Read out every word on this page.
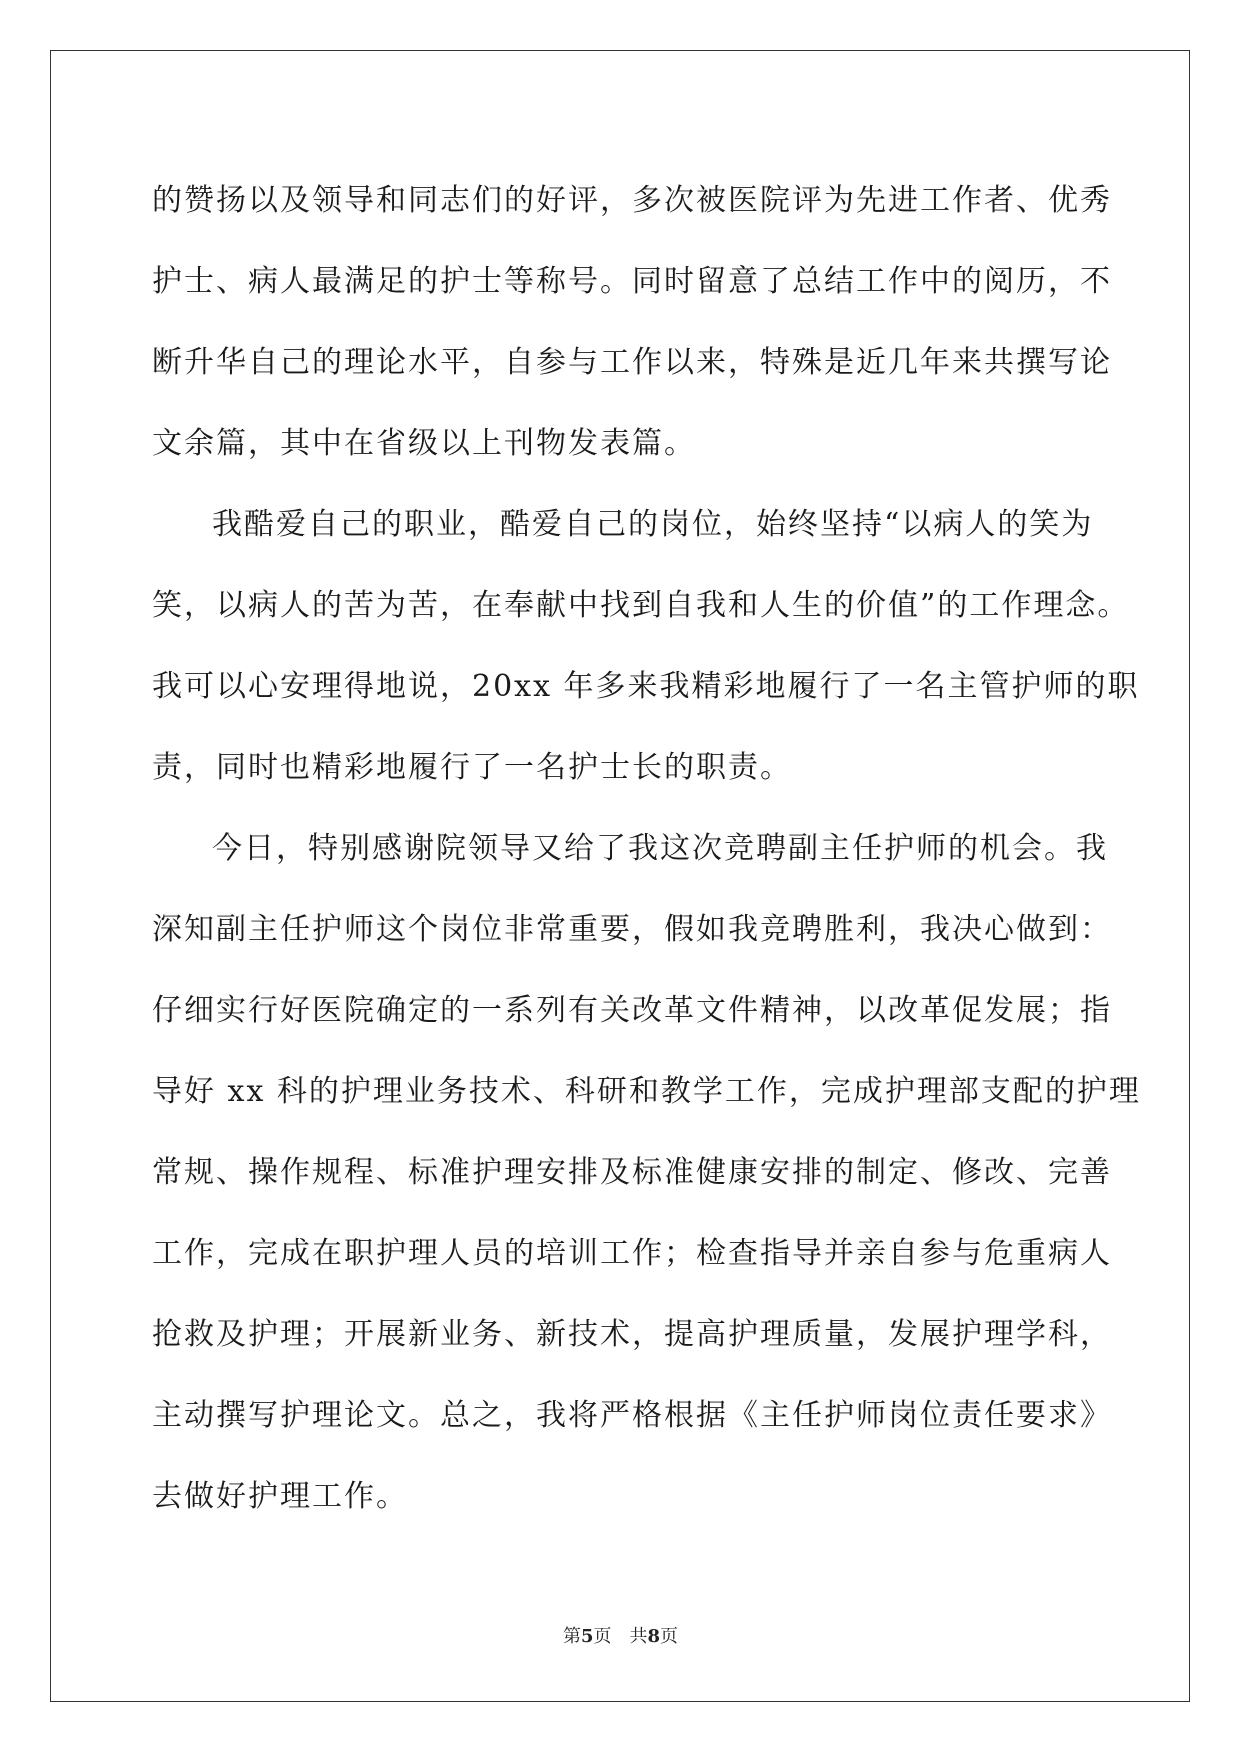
的赞扬以及领导和同志们的好评，多次被医院评为先进工作者、优秀
护士、病人最满足的护士等称号。同时留意了总结工作中的阅历，不
断升华自己的理论水平，自参与工作以来，特殊是近几年来共撰写论
文余篇，其中在省级以上刊物发表篇。
我酷爱自己的职业，酷爱自己的岗位，始终坚持“以病人的笑为
笑，以病人的苦为苦，在奉献中找到自我和人生的价值”的工作理念。
我可以心安理得地说，20xx 年多来我精彩地履行了一名主管护师的职
责，同时也精彩地履行了一名护士长的职责。
今日，特别感谢院领导又给了我这次竞聘副主任护师的机会。我
深知副主任护师这个岗位非常重要，假如我竞聘胜利，我决心做到：
仔细实行好医院确定的一系列有关改革文件精神，以改革促发展；指
导好 xx 科的护理业务技术、科研和教学工作，完成护理部支配的护理
常规、操作规程、标准护理安排及标准健康安排的制定、修改、完善
工作，完成在职护理人员的培训工作；检查指导并亲自参与危重病人
抢救及护理；开展新业务、新技术，提高护理质量，发展护理学科，
主动撰写护理论文。总之，我将严格根据《主任护师岗位责任要求》
去做好护理工作。
第5页 共8页
